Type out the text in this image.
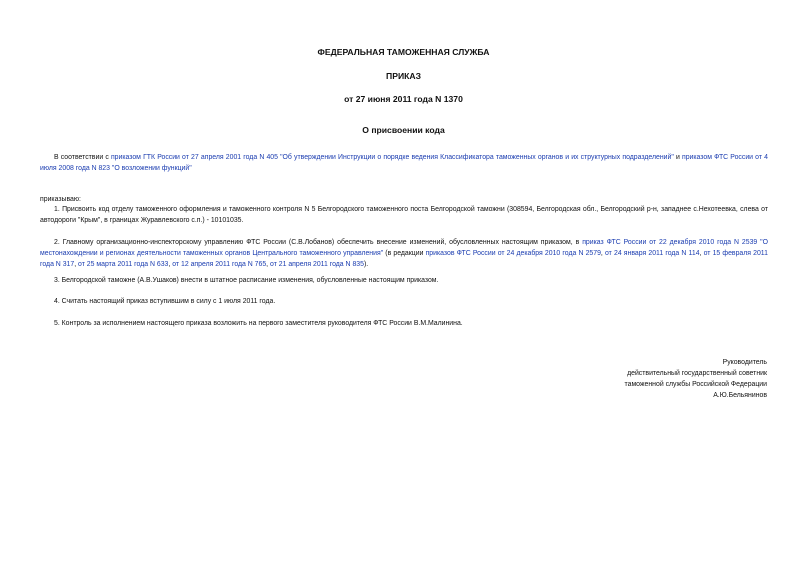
ФЕДЕРАЛЬНАЯ ТАМОЖЕННАЯ СЛУЖБА
ПРИКАЗ
от 27 июня 2011 года N 1370
О присвоении кода
В соответствии с приказом ГТК России от 27 апреля 2001 года N 405 "Об утверждении Инструкции о порядке ведения Классификатора таможенных органов и их структурных подразделений" и приказом ФТС России от 4 июля 2008 года N 823 "О возложении функций"
приказываю:
1. Присвоить код отделу таможенного оформления и таможенного контроля N 5 Белгородского таможенного поста Белгородской таможни (308594, Белгородская обл., Белгородский р-н, западнее с.Нехотеевка, слева от автодороги "Крым", в границах Журавлевского с.п.) - 10101035.
2. Главному организационно-инспекторскому управлению ФТС России (С.В.Лобанов) обеспечить внесение изменений, обусловленных настоящим приказом, в приказ ФТС России от 22 декабря 2010 года N 2539 "О местонахождении и регионах деятельности таможенных органов Центрального таможенного управления" (в редакции приказов ФТС России от 24 декабря 2010 года N 2579, от 24 января 2011 года N 114, от 15 февраля 2011 года N 317, от 25 марта 2011 года N 633, от 12 апреля 2011 года N 765, от 21 апреля 2011 года N 835).
3. Белгородской таможне (А.В.Ушаков) внести в штатное расписание изменения, обусловленные настоящим приказом.
4. Считать настоящий приказ вступившим в силу с 1 июля 2011 года.
5. Контроль за исполнением настоящего приказа возложить на первого заместителя руководителя ФТС России В.М.Малинина.
Руководитель
действительный государственный советник
таможенной службы Российской Федерации
А.Ю.Бельянинов
